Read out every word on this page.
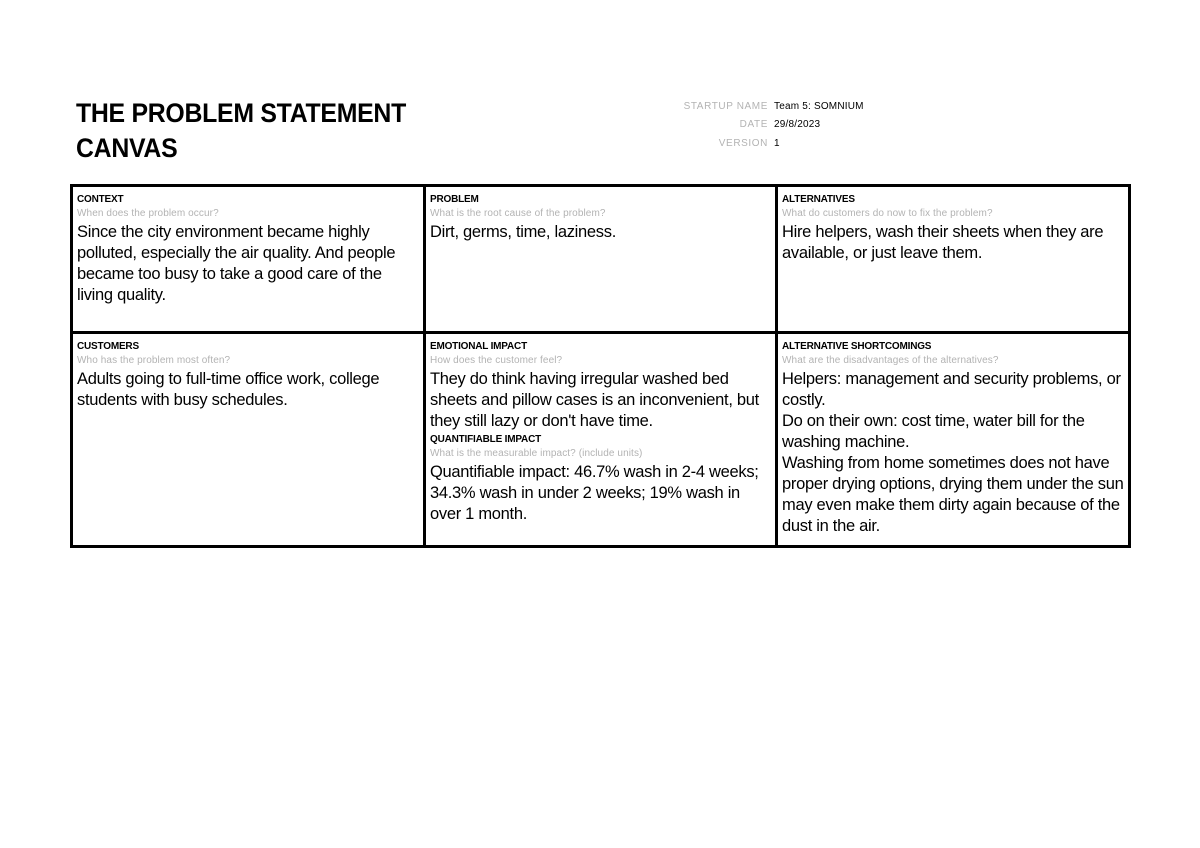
THE PROBLEM STATEMENT
CANVAS
STARTUP NAME Team 5: SOMNIUM
DATE 29/8/2023
VERSION 1
CONTEXT
When does the problem occur?
Since the city environment became highly polluted, especially the air quality. And people became too busy to take a good care of the living quality.
PROBLEM
What is the root cause of the problem?
Dirt, germs, time, laziness.
ALTERNATIVES
What do customers do now to fix the problem?
Hire helpers, wash their sheets when they are available, or just leave them.
CUSTOMERS
Who has the problem most often?
Adults going to full-time office work, college students with busy schedules.
EMOTIONAL IMPACT
How does the customer feel?
They do think having irregular washed bed sheets and pillow cases is an inconvenient, but they still lazy or don't have time.
QUANTIFIABLE IMPACT
What is the measurable impact? (include units)
Quantifiable impact: 46.7% wash in 2-4 weeks; 34.3% wash in under 2 weeks; 19% wash in over 1 month.
ALTERNATIVE SHORTCOMINGS
What are the disadvantages of the alternatives?
Helpers: management and security problems, or costly.
Do on their own: cost time, water bill for the washing machine.
Washing from home sometimes does not have proper drying options, drying them under the sun may even make them dirty again because of the dust in the air.
